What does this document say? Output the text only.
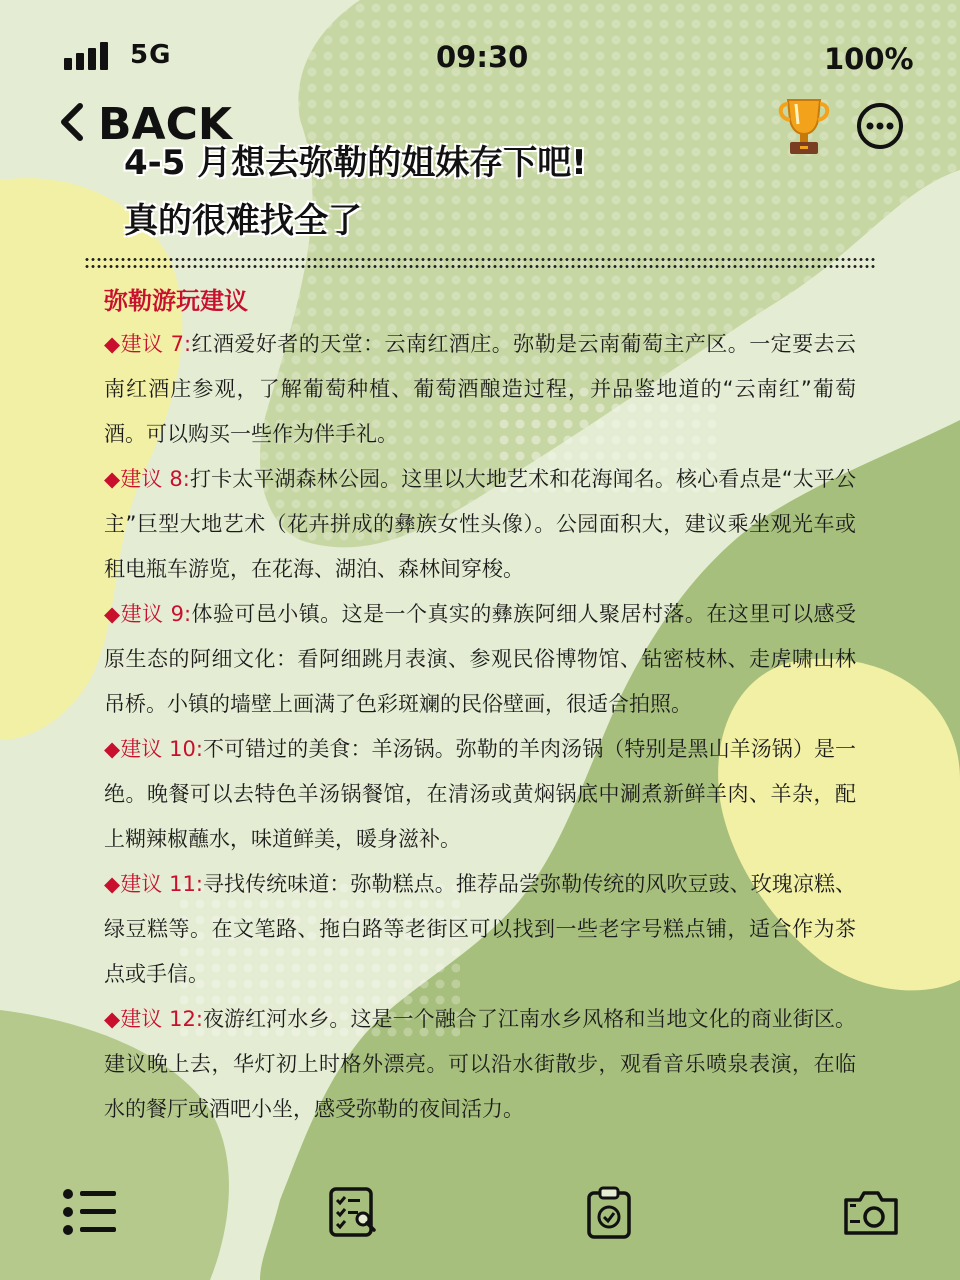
5G	09:30	100%
BACK
4-5 月想去弥勒的姐妹存下吧!
真的很难找全了
弥勒游玩建议
◆建议 7:红酒爱好者的天堂：云南红酒庄。弥勒是云南葡萄主产区。一定要去云南红酒庄参观，了解葡萄种植、葡萄酒酿造过程，并品鉴地道的“云南红”葡萄酒。可以购买一些作为伴手礼。
◆建议 8:打卡太平湖森林公园。这里以大地艺术和花海闻名。核心看点是“太平公主”巨型大地艺术（花卉拼成的彝族女性头像）。公园面积大，建议乘坐观光车或租电瓶车游览，在花海、湖泊、森林间穿梭。
◆建议 9:体验可邑小镇。这是一个真实的彝族阿细人聚居村落。在这里可以感受原生态的阿细文化：看阿细跳月表演、参观民俗博物馆、钻密枝林、走虎啸山林吊桥。小镇的墙壁上画满了色彩斑斓的民俗壁画，很适合拍照。
◆建议 10:不可错过的美食：羊汤锅。弥勒的羊肉汤锅（特别是黑山羊汤锅）是一绝。晚餐可以去特色羊汤锅餐馆，在清汤或黄焖锅底中涮煮新鲜羊肉、羊杂，配上糊辣椒蘸水，味道鲜美，暖身滋补。
◆建议 11:寻找传统味道：弥勒糕点。推荐品尝弥勒传统的风吹豆豉、玫瑰凉糕、绿豆糕等。在文笔路、拖白路等老街区可以找到一些老字号糕点铺，适合作为茶点或手信。
◆建议 12:夜游红河水乡。这是一个融合了江南水乡风格和当地文化的商业街区。建议晚上去，华灯初上时格外漂亮。可以沿水街散步，观看音乐喷泉表演，在临水的餐厅或酒吧小坐，感受弥勒的夜间活力。
